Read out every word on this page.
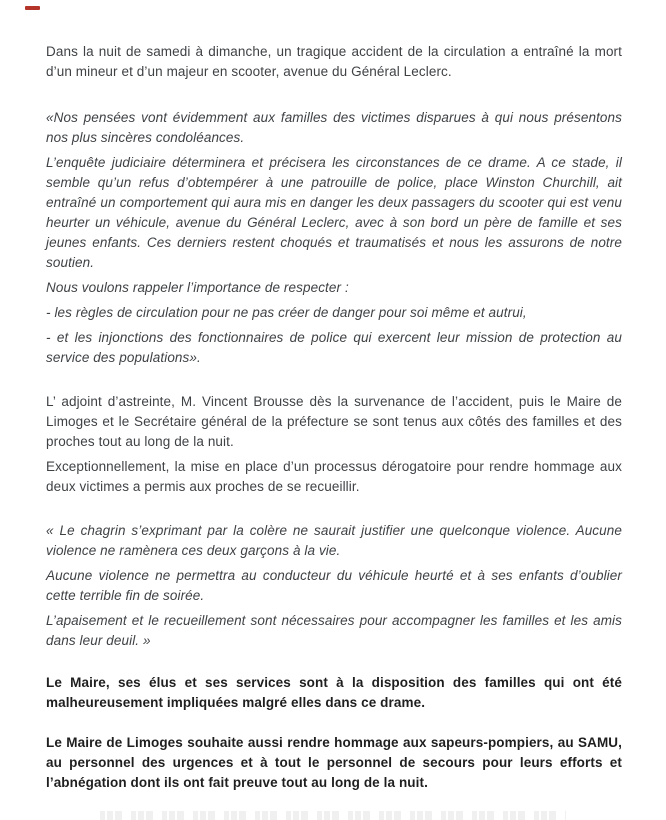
Dans la nuit de samedi à dimanche, un tragique accident de la circulation a entraîné la mort d’un mineur et d’un majeur en scooter, avenue du Général Leclerc.

«Nos pensées vont évidemment aux familles des victimes disparues à qui nous présentons nos plus sincères condoléances.

L’enquête judiciaire déterminera et précisera les circonstances de ce drame. A ce stade, il semble qu’un refus d’obtempérer à une patrouille de police, place Winston Churchill, ait entraîné un comportement qui aura mis en danger les deux passagers du scooter qui est venu heurter un véhicule, avenue du Général Leclerc, avec à son bord un père de famille et ses jeunes enfants. Ces derniers restent choqués et traumatisés et nous les assurons de notre soutien.

Nous voulons rappeler l’importance de respecter :

- les règles de circulation pour ne pas créer de danger pour soi même et autrui,

- et les injonctions des fonctionnaires de police qui exercent leur mission de protection au service des populations».

L’ adjoint d’astreinte, M. Vincent Brousse dès la survenance de l’accident, puis le Maire de Limoges et le Secrétaire général de la préfecture se sont tenus aux côtés des familles et des proches tout au long de la nuit.

Exceptionnellement, la mise en place d’un processus dérogatoire pour rendre hommage aux deux victimes a permis aux proches de se recueillir.

« Le chagrin s’exprimant par la colère ne saurait justifier une quelconque violence. Aucune violence ne ramènera ces deux garçons à la vie.

Aucune violence ne permettra au conducteur du véhicule heurté et à ses enfants d’oublier cette terrible fin de soirée.

L’apaisement et le recueillement sont nécessaires pour accompagner les familles et les amis dans leur deuil. »

Le Maire, ses élus et ses services sont à la disposition des familles qui ont été malheureusement impliquées malgré elles dans ce drame.

Le Maire de Limoges souhaite aussi rendre hommage aux sapeurs-pompiers, au SAMU, au personnel des urgences et à tout le personnel de secours pour leurs efforts et l’abnégation dont ils ont fait preuve tout au long de la nuit.
